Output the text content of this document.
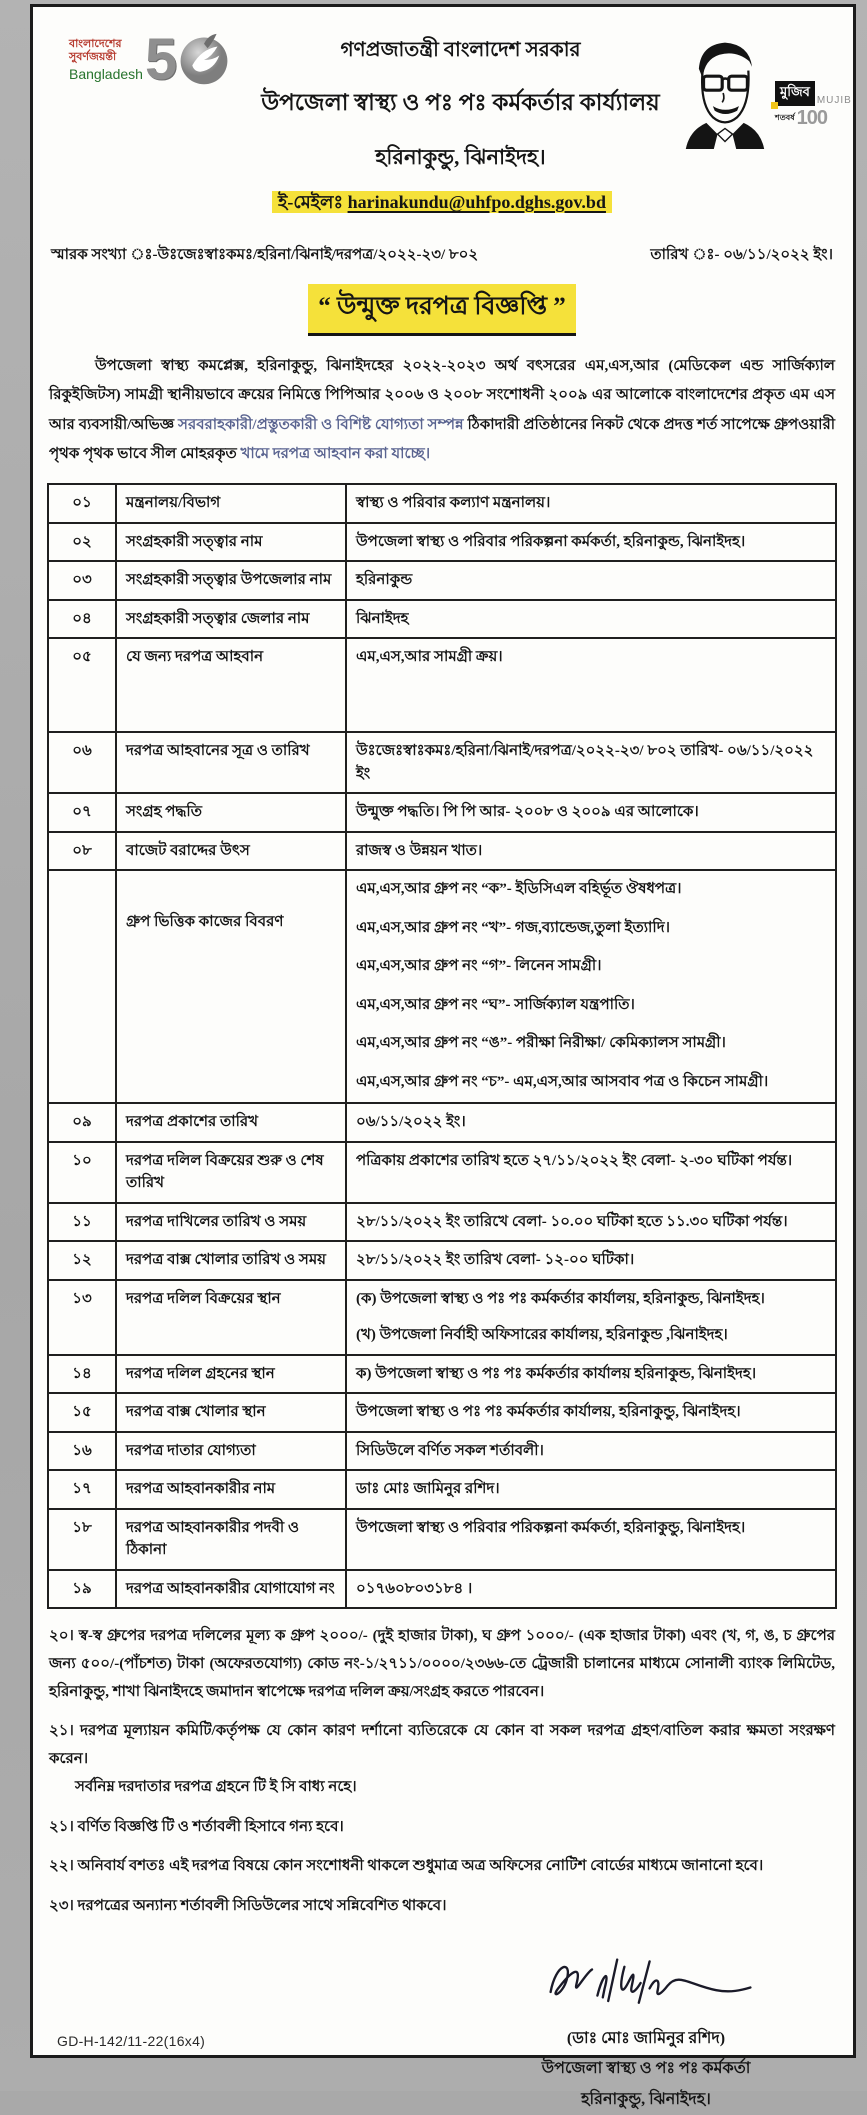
বাংলাদেশের
সুবর্ণজয়ন্তী
Bangladesh 5	গণপ্রজাতন্ত্রী বাংলাদেশ সরকার
উপজেলা স্বাস্থ্য ও পঃ পঃ কর্মকর্তার কার্য্যালয়
হরিনাকুন্ডু, ঝিনাইদহ।
মুজিব
MUJIB
শতবর্ষ 100
ই-মেইলঃ harinakundu@uhfpo.dghs.gov.bd
স্মারক সংখ্যা ঃ-উঃজেঃস্বাঃকমঃ/হরিনা/ঝিনাই/দরপত্র/২০২২-২৩/ ৮০২	তারিখ ঃ- ০৬/১১/২০২২ ইং।
“ উন্মুক্ত দরপত্র বিজ্ঞপ্তি ”
উপজেলা স্বাস্থ্য কমপ্লেক্স, হরিনাকুন্ডু, ঝিনাইদহের ২০২২-২০২৩ অর্থ বৎসরের এম,এস,আর (মেডিকেল এন্ড সার্জিক্যাল রিকুইজিটস) সামগ্রী স্থানীয়ভাবে ক্রয়ের নিমিত্তে পিপিআর ২০০৬ ও ২০০৮ সংশোধনী ২০০৯ এর আলোকে বাংলাদেশের প্রকৃত এম এস আর ব্যবসায়ী/অভিজ্ঞ সরবরাহকারী/প্রস্তুতকারী ও বিশিষ্ট যোগ্যতা সম্পন্ন ঠিকাদারী প্রতিষ্ঠানের নিকট থেকে প্রদত্ত শর্ত সাপেক্ষে গ্রুপওয়ারী পৃথক পৃথক ভাবে সীল মোহরকৃত খামে দরপত্র আহবান করা যাচ্ছে।
০১	মন্ত্রনালয়/বিভাগ	স্বাস্থ্য ও পরিবার কল্যাণ মন্ত্রনালয়।

০২	সংগ্রহকারী সত্ত্বার নাম	উপজেলা স্বাস্থ্য ও পরিবার পরিকল্পনা কর্মকর্তা, হরিনাকুন্ড, ঝিনাইদহ।

০৩	সংগ্রহকারী সত্ত্বার উপজেলার নাম	হরিনাকুন্ড

০৪	সংগ্রহকারী সত্ত্বার জেলার নাম	ঝিনাইদহ

০৫	যে জন্য দরপত্র আহবান	এম,এস,আর সামগ্রী ক্রয়।

০৬	দরপত্র আহবানের সূত্র ও তারিখ	উঃজেঃস্বাঃকমঃ/হরিনা/ঝিনাই/দরপত্র/২০২২-২৩/ ৮০২ তারিখ- ০৬/১১/২০২২ ইং

০৭	সংগ্রহ পদ্ধতি	উন্মুক্ত পদ্ধতি। পি পি আর- ২০০৮ ও ২০০৯ এর আলোকে।

০৮	বাজেট বরাদ্দের উৎস	রাজস্ব ও উন্নয়ন খাত।

	গ্রুপ ভিত্তিক কাজের বিবরণ	
এম,এস,আর গ্রুপ নং “ক”- ইডিসিএল বহির্ভূত ঔষধপত্র।
এম,এস,আর গ্রুপ নং “খ”- গজ,ব্যান্ডেজ,তুলা ইত্যাদি।
এম,এস,আর গ্রুপ নং “গ”- লিনেন সামগ্রী।
এম,এস,আর গ্রুপ নং “ঘ”- সার্জিক্যাল যন্ত্রপাতি।
এম,এস,আর গ্রুপ নং “ঙ”- পরীক্ষা নিরীক্ষা/ কেমিক্যালস সামগ্রী।
এম,এস,আর গ্রুপ নং “চ”- এম,এস,আর আসবাব পত্র ও কিচেন সামগ্রী।

০৯	দরপত্র প্রকাশের তারিখ	০৬/১১/২০২২ ইং।

১০	দরপত্র দলিল বিক্রয়ের শুরু ও শেষ তারিখ	পত্রিকায় প্রকাশের তারিখ হতে ২৭/১১/২০২২ ইং বেলা- ২-৩০ ঘটিকা পর্যন্ত।

১১	দরপত্র দাখিলের তারিখ ও সময়	২৮/১১/২০২২ ইং তারিখে বেলা- ১০.০০ ঘটিকা হতে ১১.৩০ ঘটিকা পর্যন্ত।

১২	দরপত্র বাক্স খোলার তারিখ ও সময়	২৮/১১/২০২২ ইং তারিখ বেলা- ১২-০০ ঘটিকা।

১৩	দরপত্র দলিল বিক্রয়ের স্থান	(ক) উপজেলা স্বাস্থ্য ও পঃ পঃ কর্মকর্তার কার্যালয়, হরিনাকুন্ড, ঝিনাইদহ।
(খ) উপজেলা নির্বাহী অফিসারের কার্যালয়, হরিনাকুন্ড ,ঝিনাইদহ।

১৪	দরপত্র দলিল গ্রহনের স্থান	ক) উপজেলা স্বাস্থ্য ও পঃ পঃ কর্মকর্তার কার্যালয় হরিনাকুন্ড, ঝিনাইদহ।

১৫	দরপত্র বাক্স খোলার স্থান	উপজেলা স্বাস্থ্য ও পঃ পঃ কর্মকর্তার কার্যালয়, হরিনাকুন্ডু, ঝিনাইদহ।

১৬	দরপত্র দাতার যোগ্যতা	সিডিউলে বর্ণিত সকল শর্তাবলী।

১৭	দরপত্র আহবানকারীর নাম	ডাঃ মোঃ জামিনুর রশিদ।

১৮	দরপত্র আহবানকারীর পদবী ও ঠিকানা	উপজেলা স্বাস্থ্য ও পরিবার পরিকল্পনা কর্মকর্তা, হরিনাকুন্ডু, ঝিনাইদহ।

১৯	দরপত্র আহবানকারীর যোগাযোগ নং	০১৭৬০৮০৩১৮৪ ।
২০। স্ব-স্ব গ্রুপের দরপত্র দলিলের মূল্য ক গ্রুপ ২০০০/- (দুই হাজার টাকা), ঘ গ্রুপ ১০০০/- (এক হাজার টাকা) এবং (খ, গ, ঙ, চ গ্রুপের জন্য ৫০০/-(পাঁচশত) টাকা (অফেরতযোগ্য) কোড নং-১/২৭১১/০০০০/২৩৬৬-তে ট্রেজারী চালানের মাধ্যমে সোনালী ব্যাংক লিমিটেড, হরিনাকুন্ডু, শাখা ঝিনাইদহে জমাদান স্বাপেক্ষে দরপত্র দলিল ক্রয়/সংগ্রহ করতে পারবেন।
২১। দরপত্র মূল্যায়ন কমিটি/কর্তৃপক্ষ যে কোন কারণ দর্শানো ব্যতিরেকে যে কোন বা সকল দরপত্র গ্রহণ/বাতিল করার ক্ষমতা সংরক্ষণ করেন।
সর্বনিম্ন দরদাতার দরপত্র গ্রহনে টি ই সি বাধ্য নহে।
২১। বর্ণিত বিজ্ঞপ্তি টি ও শর্তাবলী হিসাবে গন্য হবে।
২২। অনিবার্য বশতঃ এই দরপত্র বিষয়ে কোন সংশোধনী থাকলে শুধুমাত্র অত্র অফিসের নোটিশ বোর্ডের মাধ্যমে জানানো হবে।
২৩। দরপত্রের অন্যান্য শর্তাবলী সিডিউলের সাথে সন্নিবেশিত থাকবে।
(ডাঃ মোঃ জামিনুর রশিদ)
উপজেলা স্বাস্থ্য ও পঃ পঃ কর্মকর্তা
হরিনাকুন্ডু, ঝিনাইদহ।
GD-H-142/11-22(16x4)
